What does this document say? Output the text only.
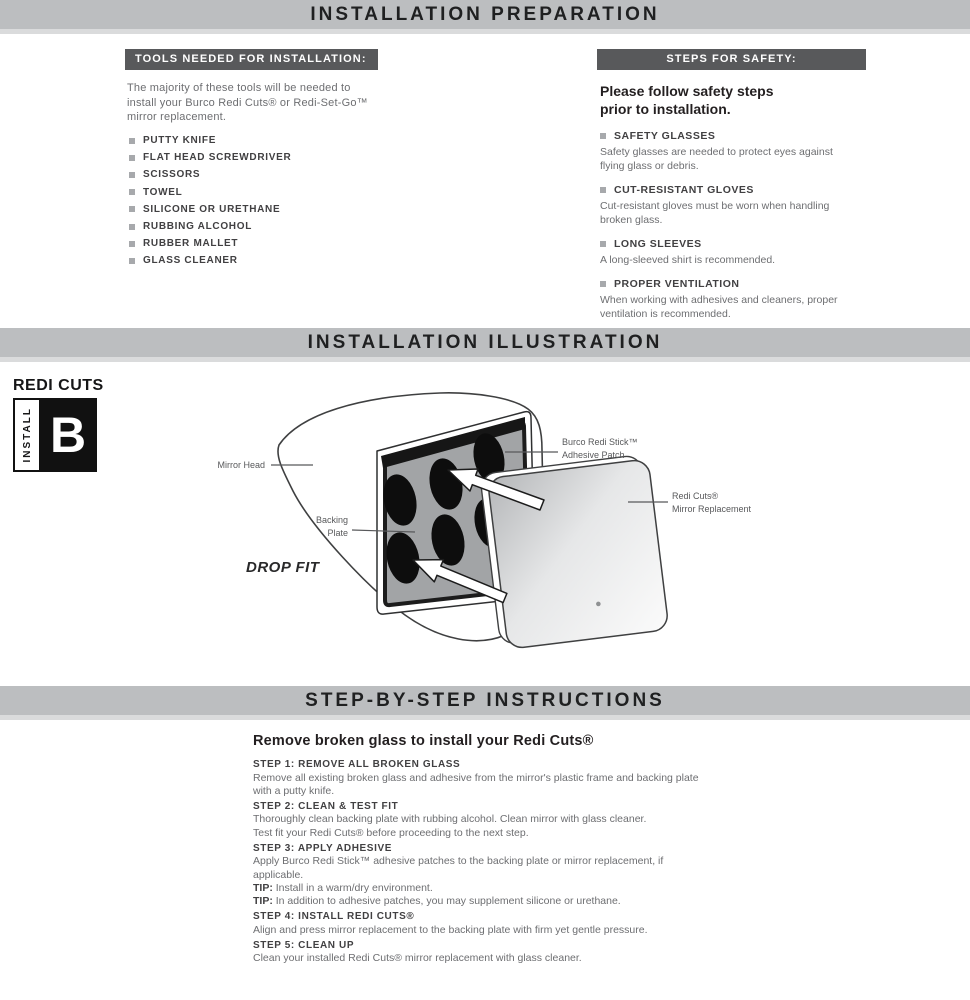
INSTALLATION PREPARATION
INSTALLATION ILLUSTRATION
STEP-BY-STEP INSTRUCTIONS
TOOLS NEEDED FOR INSTALLATION:
The majority of these tools will be needed to install your Burco Redi Cuts® or Redi-Set-Go™ mirror replacement.
PUTTY KNIFE
FLAT HEAD SCREWDRIVER
SCISSORS
TOWEL
SILICONE OR URETHANE
RUBBING ALCOHOL
RUBBER MALLET
GLASS CLEANER
STEPS FOR SAFETY:
Please follow safety steps
prior to installation.
SAFETY GLASSES
Safety glasses are needed to protect eyes against flying glass or debris.
CUT-RESISTANT GLOVES
Cut-resistant gloves must be worn when handling broken glass.
LONG SLEEVES
A long-sleeved shirt is recommended.
PROPER VENTILATION
When working with adhesives and cleaners, proper ventilation is recommended.
REDI CUTS
INSTALL B
Mirror Head
Backing
Plate
DROP FIT
Burco Redi Stick™
Adhesive Patch
Redi Cuts®
Mirror Replacement
Remove broken glass to install your Redi Cuts®
STEP 1: REMOVE ALL BROKEN GLASS
Remove all existing broken glass and adhesive from the mirror's plastic frame and backing plate
with a putty knife.
STEP 2: CLEAN & TEST FIT
Thoroughly clean backing plate with rubbing alcohol. Clean mirror with glass cleaner.
Test fit your Redi Cuts® before proceeding to the next step.
STEP 3: APPLY ADHESIVE
Apply Burco Redi Stick™ adhesive patches to the backing plate or mirror replacement, if applicable.
TIP: Install in a warm/dry environment.
TIP: In addition to adhesive patches, you may supplement silicone or urethane.
STEP 4: INSTALL REDI CUTS®
Align and press mirror replacement to the backing plate with firm yet gentle pressure.
STEP 5: CLEAN UP
Clean your installed Redi Cuts® mirror replacement with glass cleaner.
